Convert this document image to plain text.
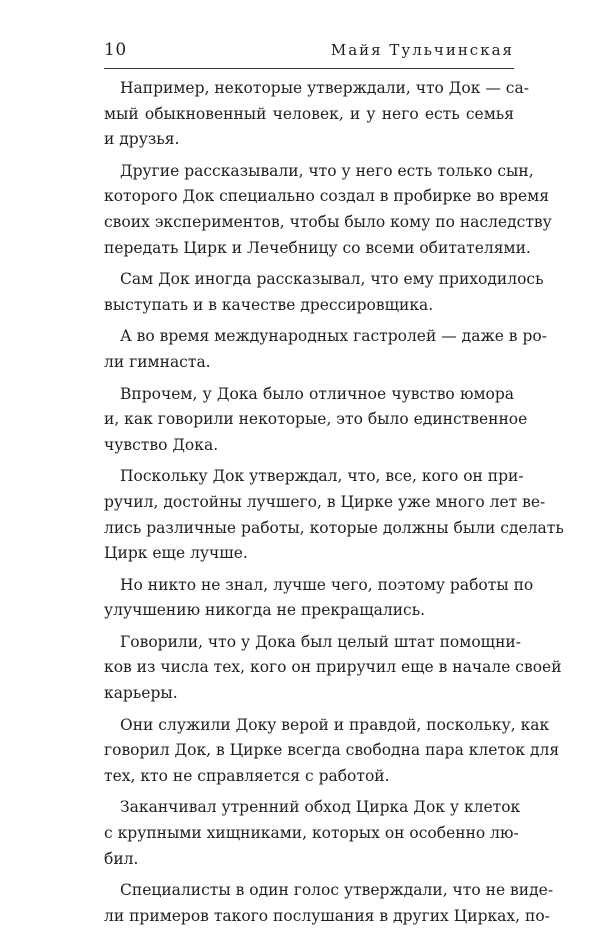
10	Майя Тульчинская

Например, некоторые утверждали, что Док — са-
мый обыкновенный человек, и у него есть семья
и друзья.

Другие рассказывали, что у него есть только сын,
которого Док специально создал в пробирке во время
своих экспериментов, чтобы было кому по наследству
передать Цирк и Лечебницу со всеми обитателями.

Сам Док иногда рассказывал, что ему приходилось
выступать и в качестве дрессировщика.

А во время международных гастролей — даже в ро-
ли гимнаста.

Впрочем, у Дока было отличное чувство юмора
и, как говорили некоторые, это было единственное
чувство Дока.

Поскольку Док утверждал, что, все, кого он при-
ручил, достойны лучшего, в Цирке уже много лет ве-
лись различные работы, которые должны были сделать
Цирк еще лучше.

Но никто не знал, лучше чего, поэтому работы по
улучшению никогда не прекращались.

Говорили, что у Дока был целый штат помощни-
ков из числа тех, кого он приручил еще в начале своей
карьеры.

Они служили Доку верой и правдой, поскольку, как
говорил Док, в Цирке всегда свободна пара клеток для
тех, кто не справляется с работой.

Заканчивал утренний обход Цирка Док у клеток
с крупными хищниками, которых он особенно лю-
бил.

Специалисты в один голос утверждали, что не виде-
ли примеров такого послушания в других Цирках, по-
